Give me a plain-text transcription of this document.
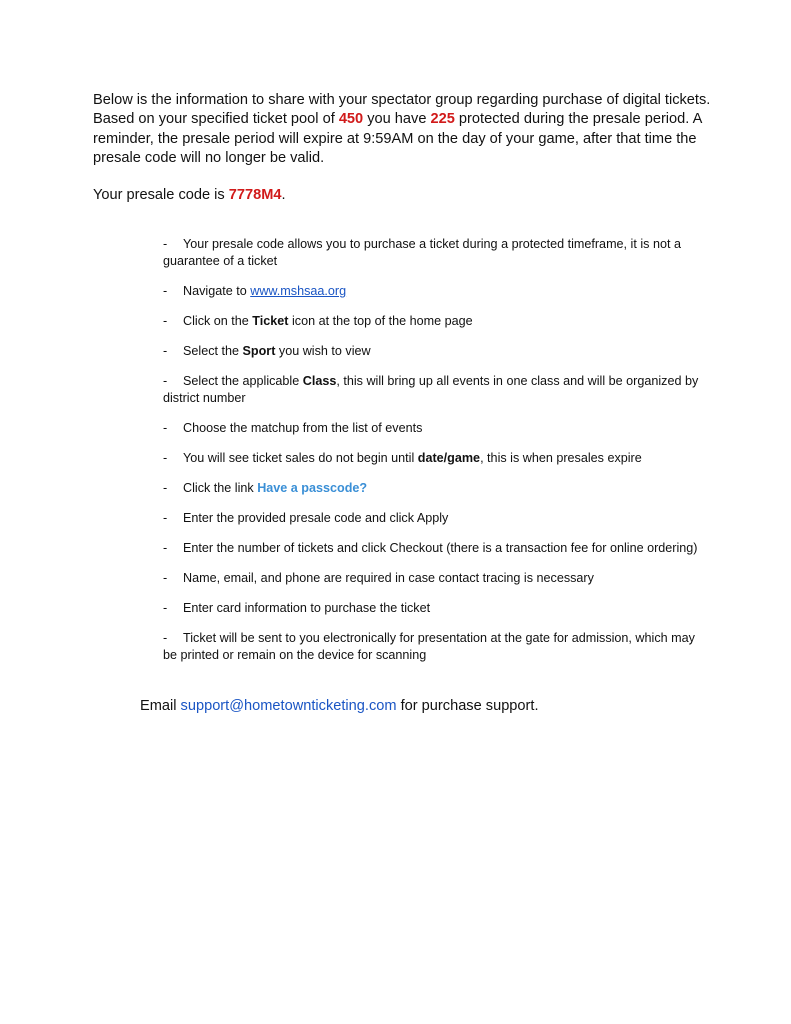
Below is the information to share with your spectator group regarding purchase of digital tickets. Based on your specified ticket pool of 450 you have 225 protected during the presale period. A reminder, the presale period will expire at 9:59AM on the day of your game, after that time the presale code will no longer be valid.

Your presale code is 7778M4.

- Your presale code allows you to purchase a ticket during a protected timeframe, it is not a guarantee of a ticket
- Navigate to www.mshsaa.org
- Click on the Ticket icon at the top of the home page
- Select the Sport you wish to view
- Select the applicable Class, this will bring up all events in one class and will be organized by district number
- Choose the matchup from the list of events
- You will see ticket sales do not begin until date/game, this is when presales expire
- Click the link Have a passcode?
- Enter the provided presale code and click Apply
- Enter the number of tickets and click Checkout (there is a transaction fee for online ordering)
- Name, email, and phone are required in case contact tracing is necessary
- Enter card information to purchase the ticket
- Ticket will be sent to you electronically for presentation at the gate for admission, which may be printed or remain on the device for scanning

Email support@hometownticketing.com for purchase support.
